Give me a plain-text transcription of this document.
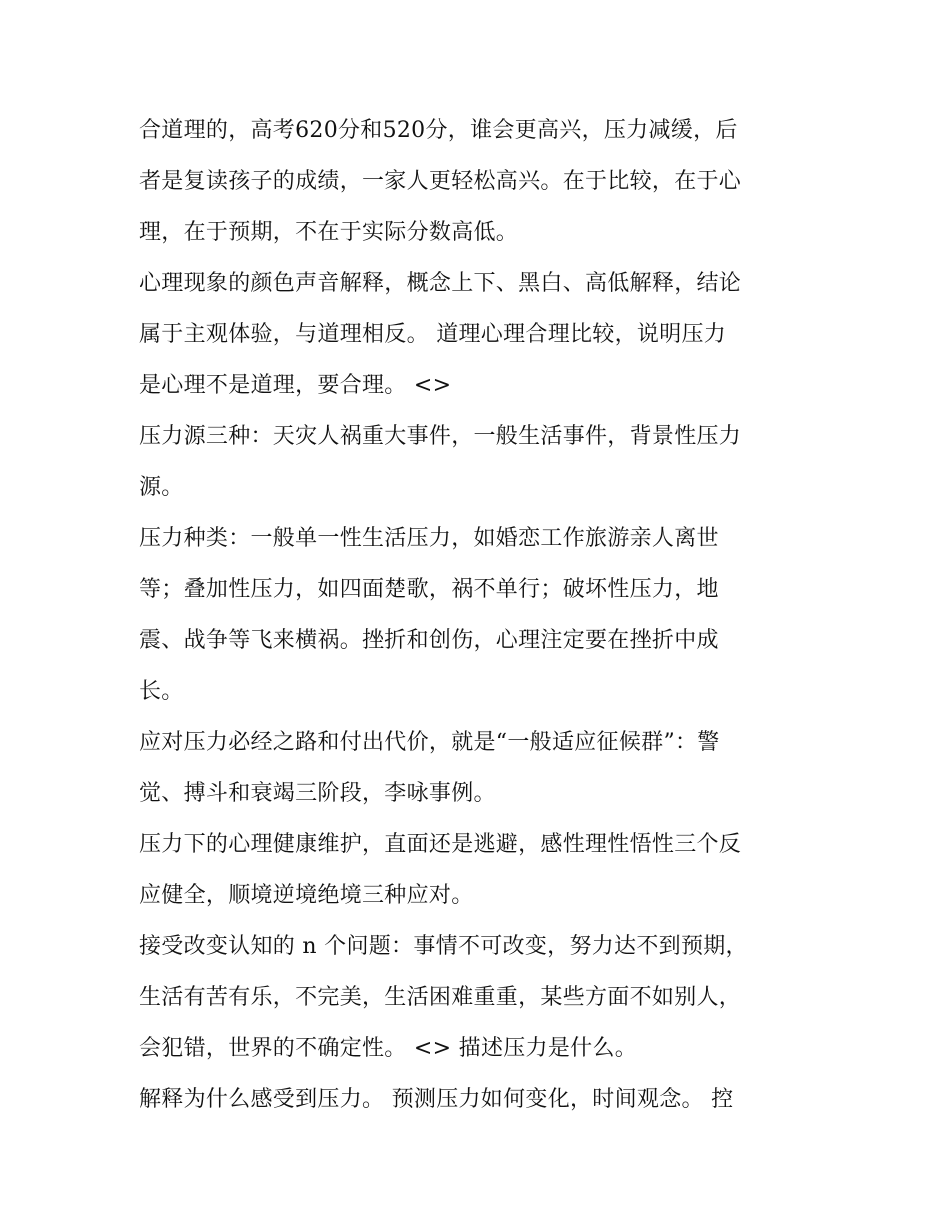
合道理的，高考620分和520分，谁会更高兴，压力减缓，后
者是复读孩子的成绩，一家人更轻松高兴。在于比较，在于心
理，在于预期，不在于实际分数高低。
心理现象的颜色声音解释，概念上下、黑白、高低解释，结论
属于主观体验，与道理相反。 道理心理合理比较，说明压力
是心理不是道理，要合理。 <>
压力源三种：天灾人祸重大事件，一般生活事件，背景性压力
源。
压力种类：一般单一性生活压力，如婚恋工作旅游亲人离世
等；叠加性压力，如四面楚歌，祸不单行；破坏性压力，地
震、战争等飞来横祸。挫折和创伤，心理注定要在挫折中成
长。
应对压力必经之路和付出代价，就是“一般适应征候群”：警
觉、搏斗和衰竭三阶段，李咏事例。
压力下的心理健康维护，直面还是逃避，感性理性悟性三个反
应健全，顺境逆境绝境三种应对。
接受改变认知的 n 个问题：事情不可改变，努力达不到预期，
生活有苦有乐，不完美，生活困难重重，某些方面不如别人，
会犯错，世界的不确定性。 <> 描述压力是什么。
解释为什么感受到压力。 预测压力如何变化，时间观念。 控
